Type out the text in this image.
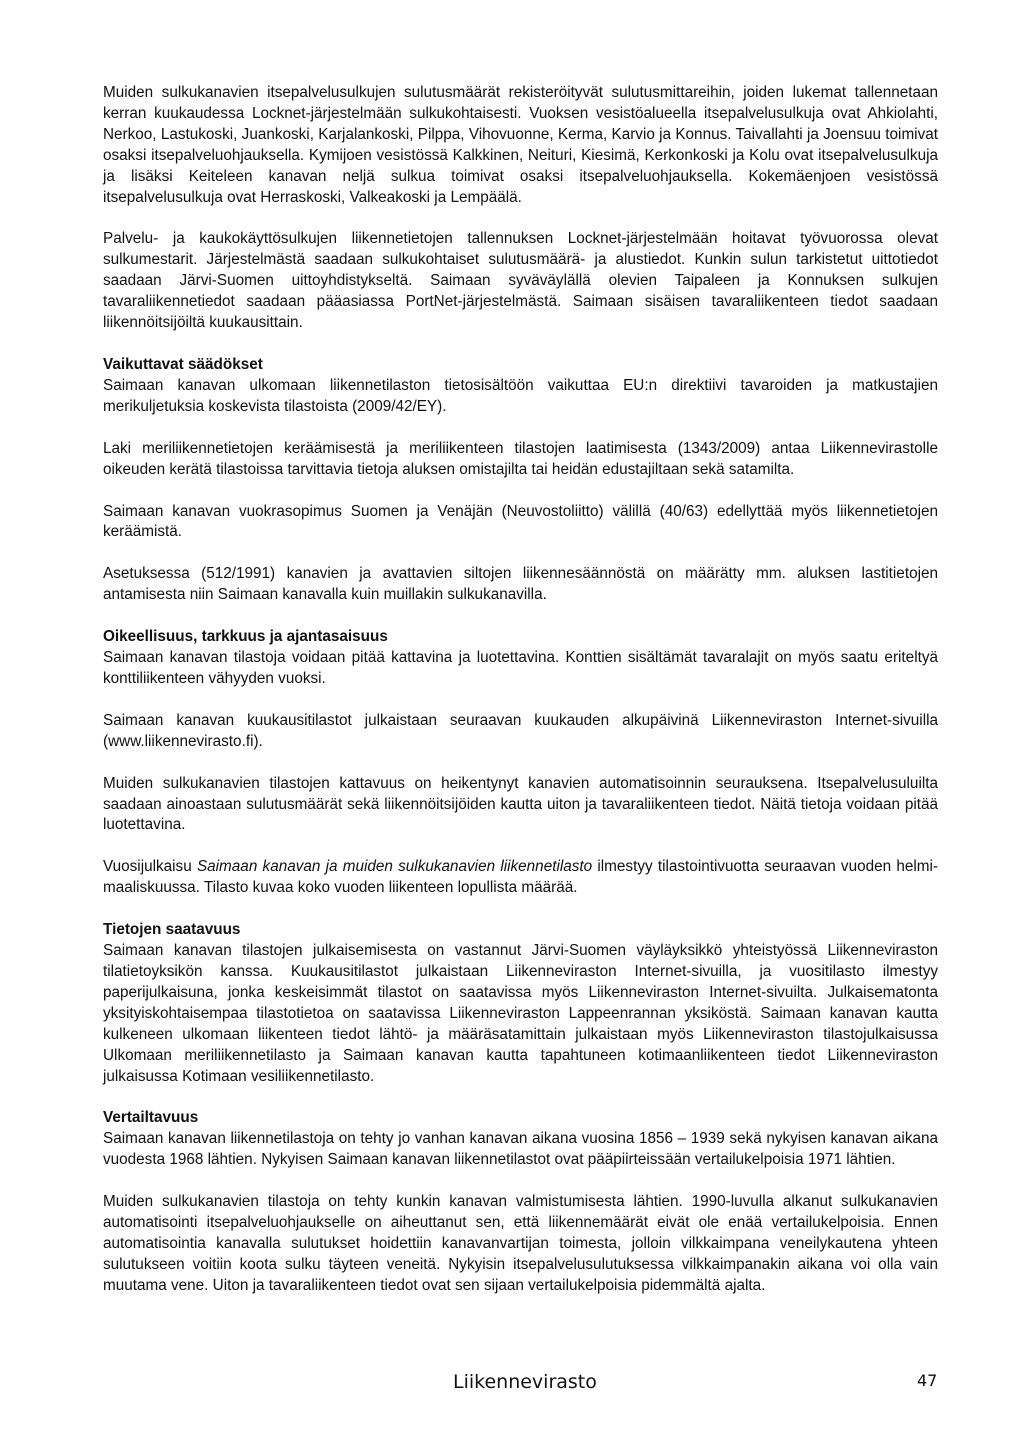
Muiden sulkukanavien itsepalvelusulkujen sulutusmäärät rekisteröityvät sulutusmittareihin, joiden lukemat tallennetaan kerran kuukaudessa Locknet-järjestelmään sulkukohtaisesti. Vuoksen vesistöalueella itsepalvelusulkuja ovat Ahkiolahti, Nerkoo, Lastukoski, Juankoski, Karjalankoski, Pilppa, Vihovuonne, Kerma, Karvio ja Konnus. Taivallahti ja Joensuu toimivat osaksi itsepalveluohjauksella. Kymijoen vesistössä Kalkkinen, Neituri, Kiesimä, Kerkonkoski ja Kolu ovat itsepalvelusulkuja ja lisäksi Keiteleen kanavan neljä sulkua toimivat osaksi itsepalveluohjauksella. Kokemäenjoen vesistössä itsepalvelusulkuja ovat Herraskoski, Valkeakoski ja Lempäälä.

Palvelu- ja kaukokäyttösulkujen liikennetietojen tallennuksen Locknet-järjestelmään hoitavat työvuorossa olevat sulkumestarit. Järjestelmästä saadaan sulkukohtaiset sulutusmäärä- ja alustiedot. Kunkin sulun tarkistetut uittotiedot saadaan Järvi-Suomen uittoyhdistykseltä. Saimaan syväväylällä olevien Taipaleen ja Konnuksen sulkujen tavaraliikennetiedot saadaan pääasiassa PortNet-järjestelmästä. Saimaan sisäisen tavaraliikenteen tiedot saadaan liikennöitsijöiltä kuukausittain.

Vaikuttavat säädökset

Saimaan kanavan ulkomaan liikennetilaston tietosisältöön vaikuttaa EU:n direktiivi tavaroiden ja matkustajien merikuljetuksia koskevista tilastoista (2009/42/EY).

Laki meriliikennetietojen keräämisestä ja meriliikenteen tilastojen laatimisesta (1343/2009) antaa Liikennevirastolle oikeuden kerätä tilastoissa tarvittavia tietoja aluksen omistajilta tai heidän edustajiltaan sekä satamilta.

Saimaan kanavan vuokrasopimus Suomen ja Venäjän (Neuvostoliitto) välillä (40/63) edellyttää myös liikennetietojen keräämistä.

Asetuksessa (512/1991) kanavien ja avattavien siltojen liikennesäännöstä on määrätty mm. aluksen lastitietojen antamisesta niin Saimaan kanavalla kuin muillakin sulkukanavilla.

Oikeellisuus, tarkkuus ja ajantasaisuus

Saimaan kanavan tilastoja voidaan pitää kattavina ja luotettavina. Konttien sisältämät tavaralajit on myös saatu eriteltyä konttiliikenteen vähyyden vuoksi.

Saimaan kanavan kuukausitilastot julkaistaan seuraavan kuukauden alkupäivinä Liikenneviraston Internet-sivuilla (www.liikennevirasto.fi).

Muiden sulkukanavien tilastojen kattavuus on heikentynyt kanavien automatisoinnin seurauksena. Itsepalvelusuluilta saadaan ainoastaan sulutusmäärät sekä liikennöitsijöiden kautta uiton ja tavaraliikenteen tiedot. Näitä tietoja voidaan pitää luotettavina.

Vuosijulkaisu Saimaan kanavan ja muiden sulkukanavien liikennetilasto ilmestyy tilastointivuotta seuraavan vuoden helmi- maaliskuussa. Tilasto kuvaa koko vuoden liikenteen lopullista määrää.

Tietojen saatavuus

Saimaan kanavan tilastojen julkaisemisesta on vastannut Järvi-Suomen väyläyksikkö yhteistyössä Liikenneviraston tilatietoyksikön kanssa. Kuukausitilastot julkaistaan Liikenneviraston Internet-sivuilla, ja vuositilasto ilmestyy paperijulkaisuna, jonka keskeisimmät tilastot on saatavissa myös Liikenneviraston Internet-sivuilta. Julkaisematonta yksityiskohtaisempaa tilastotietoa on saatavissa Liikenneviraston Lappeenrannan yksiköstä. Saimaan kanavan kautta kulkeneen ulkomaan liikenteen tiedot lähtö- ja määräsatamittain julkaistaan myös Liikenneviraston tilastojulkaisussa Ulkomaan meriliikennetilasto ja Saimaan kanavan kautta tapahtuneen kotimaanliikenteen tiedot Liikenneviraston julkaisussa Kotimaan vesiliikennetilasto.

Vertailtavuus

Saimaan kanavan liikennetilastoja on tehty jo vanhan kanavan aikana vuosina 1856 – 1939 sekä nykyisen kanavan aikana vuodesta 1968 lähtien. Nykyisen Saimaan kanavan liikennetilastot ovat pääpiirteissään vertailukelpoisia 1971 lähtien.

Muiden sulkukanavien tilastoja on tehty kunkin kanavan valmistumisesta lähtien. 1990-luvulla alkanut sulkukanavien automatisointi itsepalveluohjaukselle on aiheuttanut sen, että liikennemäärät eivät ole enää vertailukelpoisia. Ennen automatisointia kanavalla sulutukset hoidettiin kanavanvartijan toimesta, jolloin vilkkaimpana veneilykautena yhteen sulutukseen voitiin koota sulku täyteen veneitä. Nykyisin itsepalvelusulutuksessa vilkkaimpanakin aikana voi olla vain muutama vene. Uiton ja tavaraliikenteen tiedot ovat sen sijaan vertailukelpoisia pidemmältä ajalta.

Liikennevirasto	47
